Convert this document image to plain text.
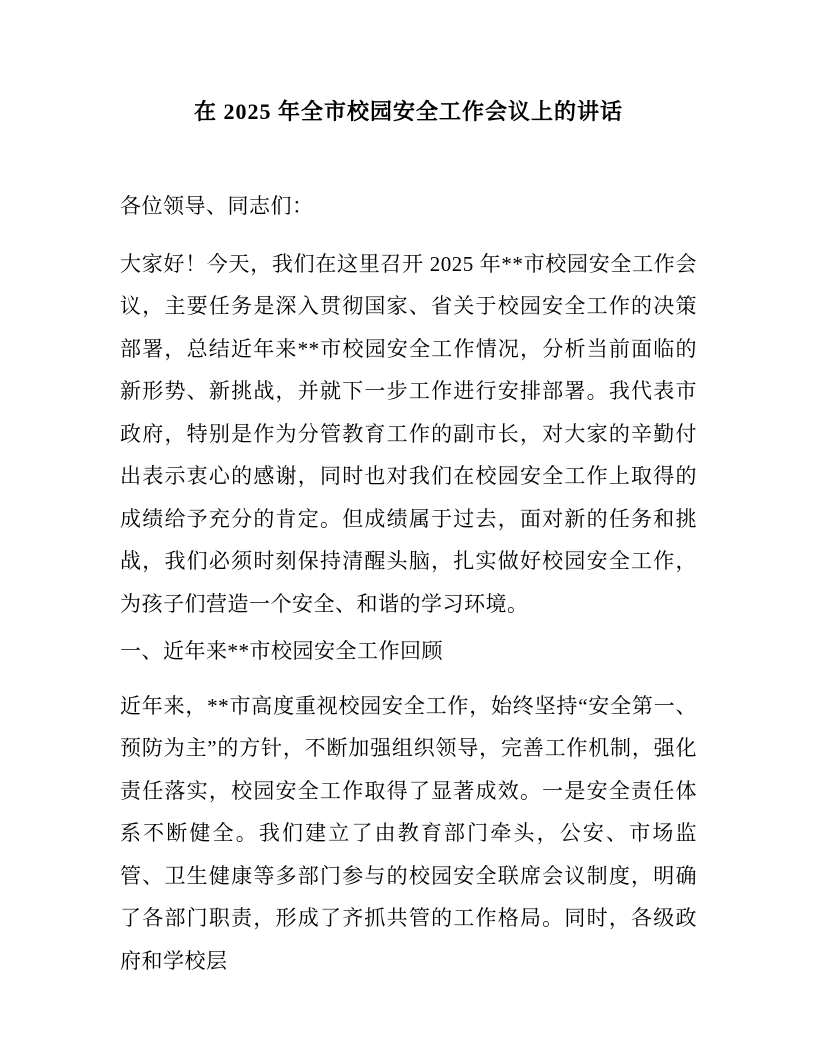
在 2025 年全市校园安全工作会议上的讲话

各位领导、同志们：

大家好！今天，我们在这里召开 2025 年**市校园安全工作会议，主要任务是深入贯彻国家、省关于校园安全工作的决策部署，总结近年来**市校园安全工作情况，分析当前面临的新形势、新挑战，并就下一步工作进行安排部署。我代表市政府，特别是作为分管教育工作的副市长，对大家的辛勤付出表示衷心的感谢，同时也对我们在校园安全工作上取得的成绩给予充分的肯定。但成绩属于过去，面对新的任务和挑战，我们必须时刻保持清醒头脑，扎实做好校园安全工作，为孩子们营造一个安全、和谐的学习环境。

一、近年来**市校园安全工作回顾

近年来，**市高度重视校园安全工作，始终坚持“安全第一、预防为主”的方针，不断加强组织领导，完善工作机制，强化责任落实，校园安全工作取得了显著成效。一是安全责任体系不断健全。我们建立了由教育部门牵头，公安、市场监管、卫生健康等多部门参与的校园安全联席会议制度，明确了各部门职责，形成了齐抓共管的工作格局。同时，各级政府和学校层
